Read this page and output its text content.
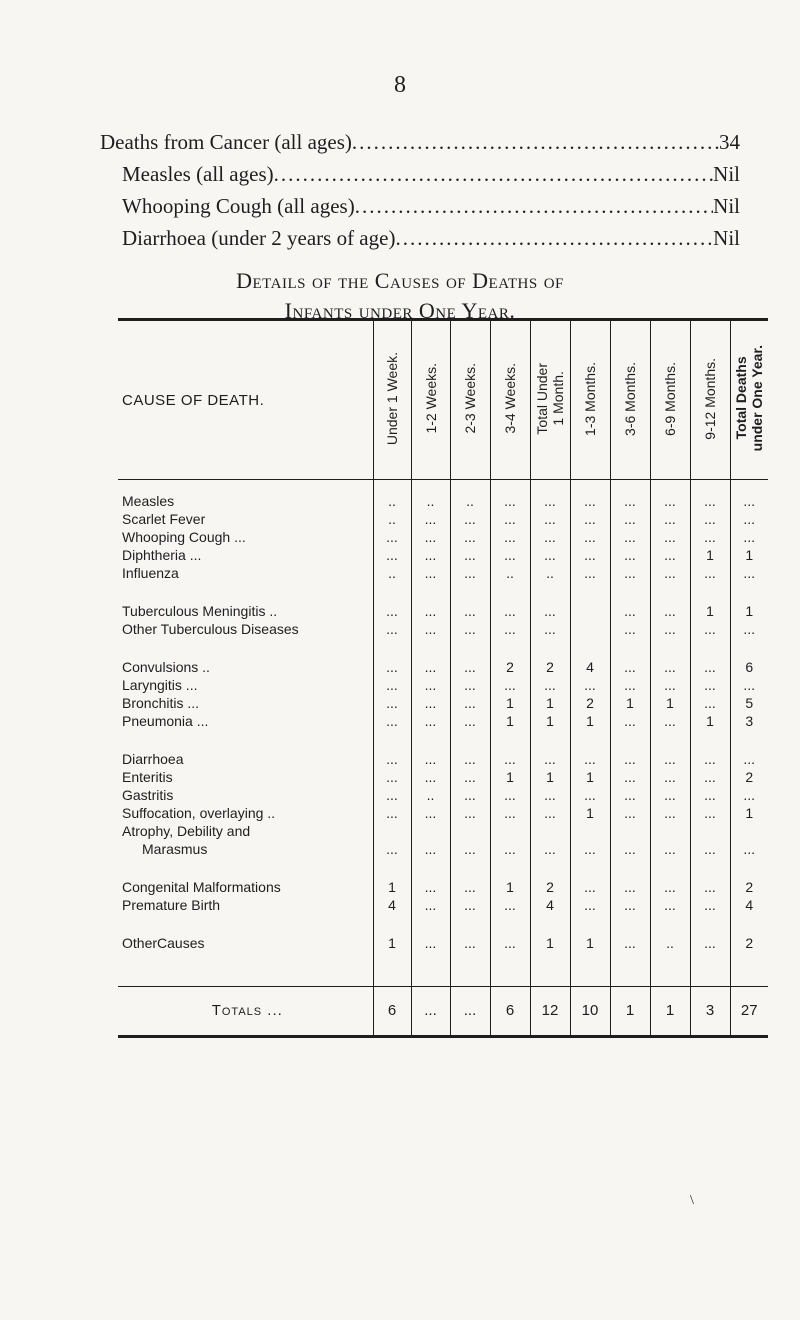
8
Deaths from Cancer (all ages) .....	34
Measles (all ages) .....	Nil
Whooping Cough (all ages) .....	Nil
Diarrhoea (under 2 years of age) .....	Nil
Details of the Causes of Deaths of
Infants under One Year.
CAUSE OF DEATH.	Under 1 Week.	1-2 Weeks.	2-3 Weeks.	3-4 Weeks.	Total Under
1 Month.	1-3 Months.	3-6 Months.	6-9 Months.	9-12 Months.	Total Deaths
under One Year.

Measles	..	..	..	...	...	...	...	...	...	...
Scarlet Fever	..	...	...	...	...	...	...	...	...	...
Whooping Cough ...	...	...	...	...	...	...	...	...	...	...
Diphtheria ...	...	...	...	...	...	...	...	...	1	1
Influenza	..	...	...	..	..	...	...	...	...	...

Tuberculous Meningitis ..	...	...	...	...	...		...	...	1	1
Other Tuberculous Diseases	...	...	...	...	...		...	...	...	...

Convulsions ..	...	...	...	2	2	4	...	...	...	6
Laryngitis ...	...	...	...	...	...	...	...	...	...	...
Bronchitis ...	...	...	...	1	1	2	1	1	...	5
Pneumonia ...	...	...	...	1	1	1	...	...	1	3

Diarrhoea	...	...	...	...	...	...	...	...	...	...
Enteritis	...	...	...	1	1	1	...	...	...	2
Gastritis	...	..	...	...	...	...	...	...	...	...
Suffocation, overlaying ..	...	...	...	...	...	1	...	...	...	1
Atrophy, Debility and										
Marasmus	...	...	...	...	...	...	...	...	...	...

Congenital Malformations	1	...	...	1	2	...	...	...	...	2
Premature Birth	4	...	...	...	4	...	...	...	...	4

OtherCauses	1	...	...	...	1	1	...	..	...	2

Totals ...	6	...	...	6	12	10	1	1	3	27
\
